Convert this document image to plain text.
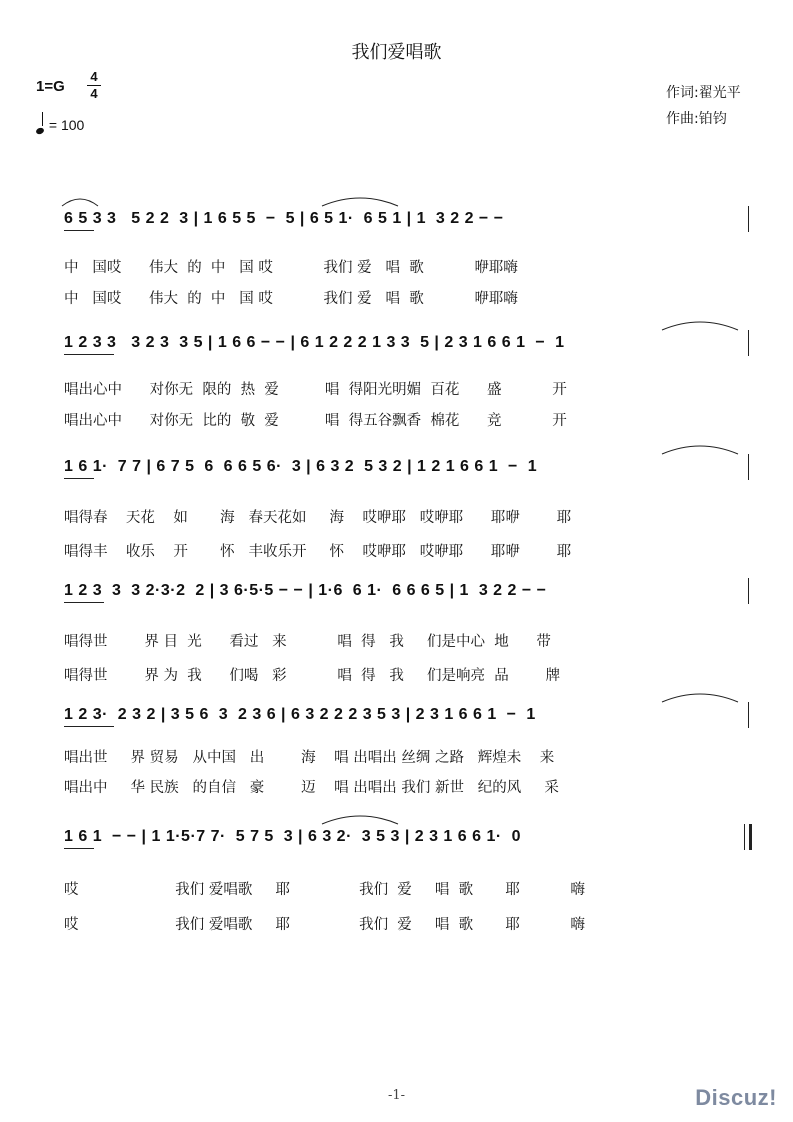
我们爱唱歌
1=G
4
4
= 100
作词:翟光平
作曲:铂钧
6 5 3 3   5 2 2  3 | 1 6 5 5  −  5 | 6 5 1·  6 5 1 | 1  3 2 2 − −
中   国哎      伟大  的  中   国 哎           我们 爱   唱  歌           咿耶嗨
中   国哎      伟大  的  中   国 哎           我们 爱   唱  歌           咿耶嗨
1 2 3 3   3 2 3  3 5 | 1 6 6 − − | 6 1 2 2 2 1 3 3  5 | 2 3 1 6 6 1  −  1
唱出心中      对你无  限的  热  爱          唱  得阳光明媚  百花      盛           开
唱出心中      对你无  比的  敬  爱          唱  得五谷飘香  棉花      竞           开
1 6 1·  7 7 | 6 7 5  6  6 6 5 6·  3 | 6 3 2  5 3 2 | 1 2 1 6 6 1  −  1
唱得春    天花    如       海   春天花如     海    哎咿耶   哎咿耶      耶咿        耶
唱得丰    收乐    开       怀   丰收乐开     怀    哎咿耶   哎咿耶      耶咿        耶
1 2 3  3  3 2·3·2  2 | 3 6·5·5 − − | 1·6  6 1·  6 6 6 5 | 1  3 2 2 − −
唱得世        界 目  光      看过   来           唱  得   我     们是中心  地      带
唱得世        界 为  我      们喝   彩           唱  得   我     们是响亮  品        牌
1 2 3·  2 3 2 | 3 5 6  3  2 3 6 | 6 3 2 2 2 3 5 3 | 2 3 1 6 6 1  −  1
唱出世     界 贸易   从中国   出        海    唱 出唱出 丝绸 之路   辉煌未    来
唱出中     华 民族   的自信   豪        迈    唱 出唱出 我们 新世   纪的风     采
1 6 1  − − | 1 1·5·7 7·  5 7 5  3 | 6 3 2·  3 5 3 | 2 3 1 6 6 1·  0
哎                     我们 爱唱歌     耶               我们  爱     唱  歌       耶           嗨
哎                     我们 爱唱歌     耶               我们  爱     唱  歌       耶           嗨
-1-	Discuz!
